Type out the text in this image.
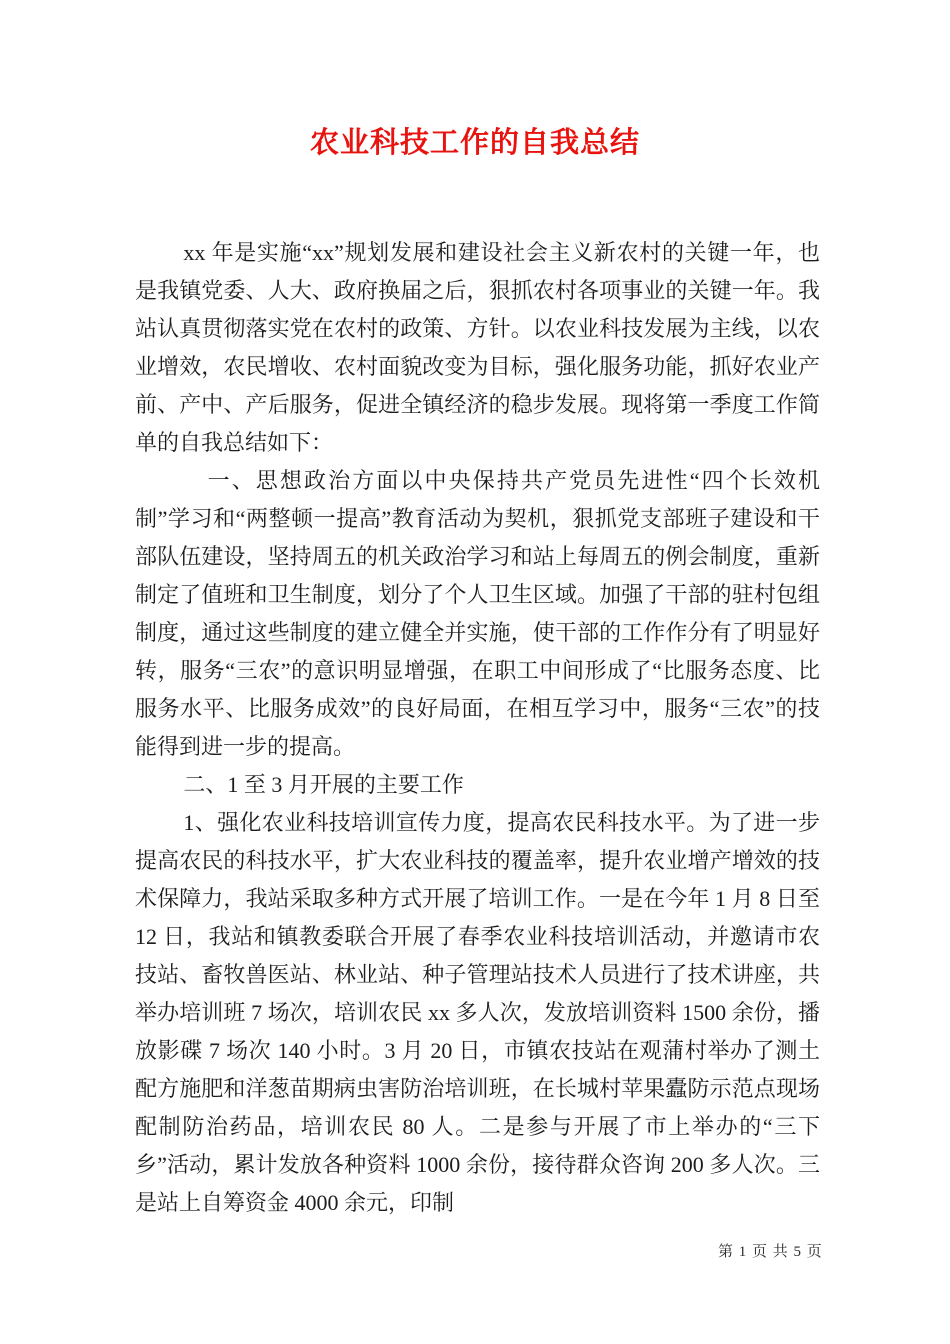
农业科技工作的自我总结

xx 年是实施“xx”规划发展和建设社会主义新农村的关键一年，也是我镇党委、人大、政府换届之后，狠抓农村各项事业的关键一年。我站认真贯彻落实党在农村的政策、方针。以农业科技发展为主线，以农业增效，农民增收、农村面貌改变为目标，强化服务功能，抓好农业产前、产中、产后服务，促进全镇经济的稳步发展。现将第一季度工作简单的自我总结如下：

一、思想政治方面以中央保持共产党员先进性“四个长效机制”学习和“两整顿一提高”教育活动为契机，狠抓党支部班子建设和干部队伍建设，坚持周五的机关政治学习和站上每周五的例会制度，重新制定了值班和卫生制度，划分了个人卫生区域。加强了干部的驻村包组制度，通过这些制度的建立健全并实施，使干部的工作作分有了明显好转，服务“三农”的意识明显增强，在职工中间形成了“比服务态度、比服务水平、比服务成效”的良好局面，在相互学习中，服务“三农”的技能得到进一步的提高。

二、1 至 3 月开展的主要工作

1、强化农业科技培训宣传力度，提高农民科技水平。为了进一步提高农民的科技水平，扩大农业科技的覆盖率，提升农业增产增效的技术保障力，我站采取多种方式开展了培训工作。一是在今年 1 月 8 日至 12 日，我站和镇教委联合开展了春季农业科技培训活动，并邀请市农技站、畜牧兽医站、林业站、种子管理站技术人员进行了技术讲座，共举办培训班 7 场次，培训农民 xx 多人次，发放培训资料 1500 余份，播放影碟 7 场次 140 小时。3 月 20 日，市镇农技站在观蒲村举办了测土配方施肥和洋葱苗期病虫害防治培训班，在长城村苹果蠹防示范点现场配制防治药品，培训农民 80 人。二是参与开展了市上举办的“三下乡”活动，累计发放各种资料 1000 余份，接待群众咨询 200 多人次。三是站上自筹资金 4000 余元，印制

第 1 页 共 5 页
